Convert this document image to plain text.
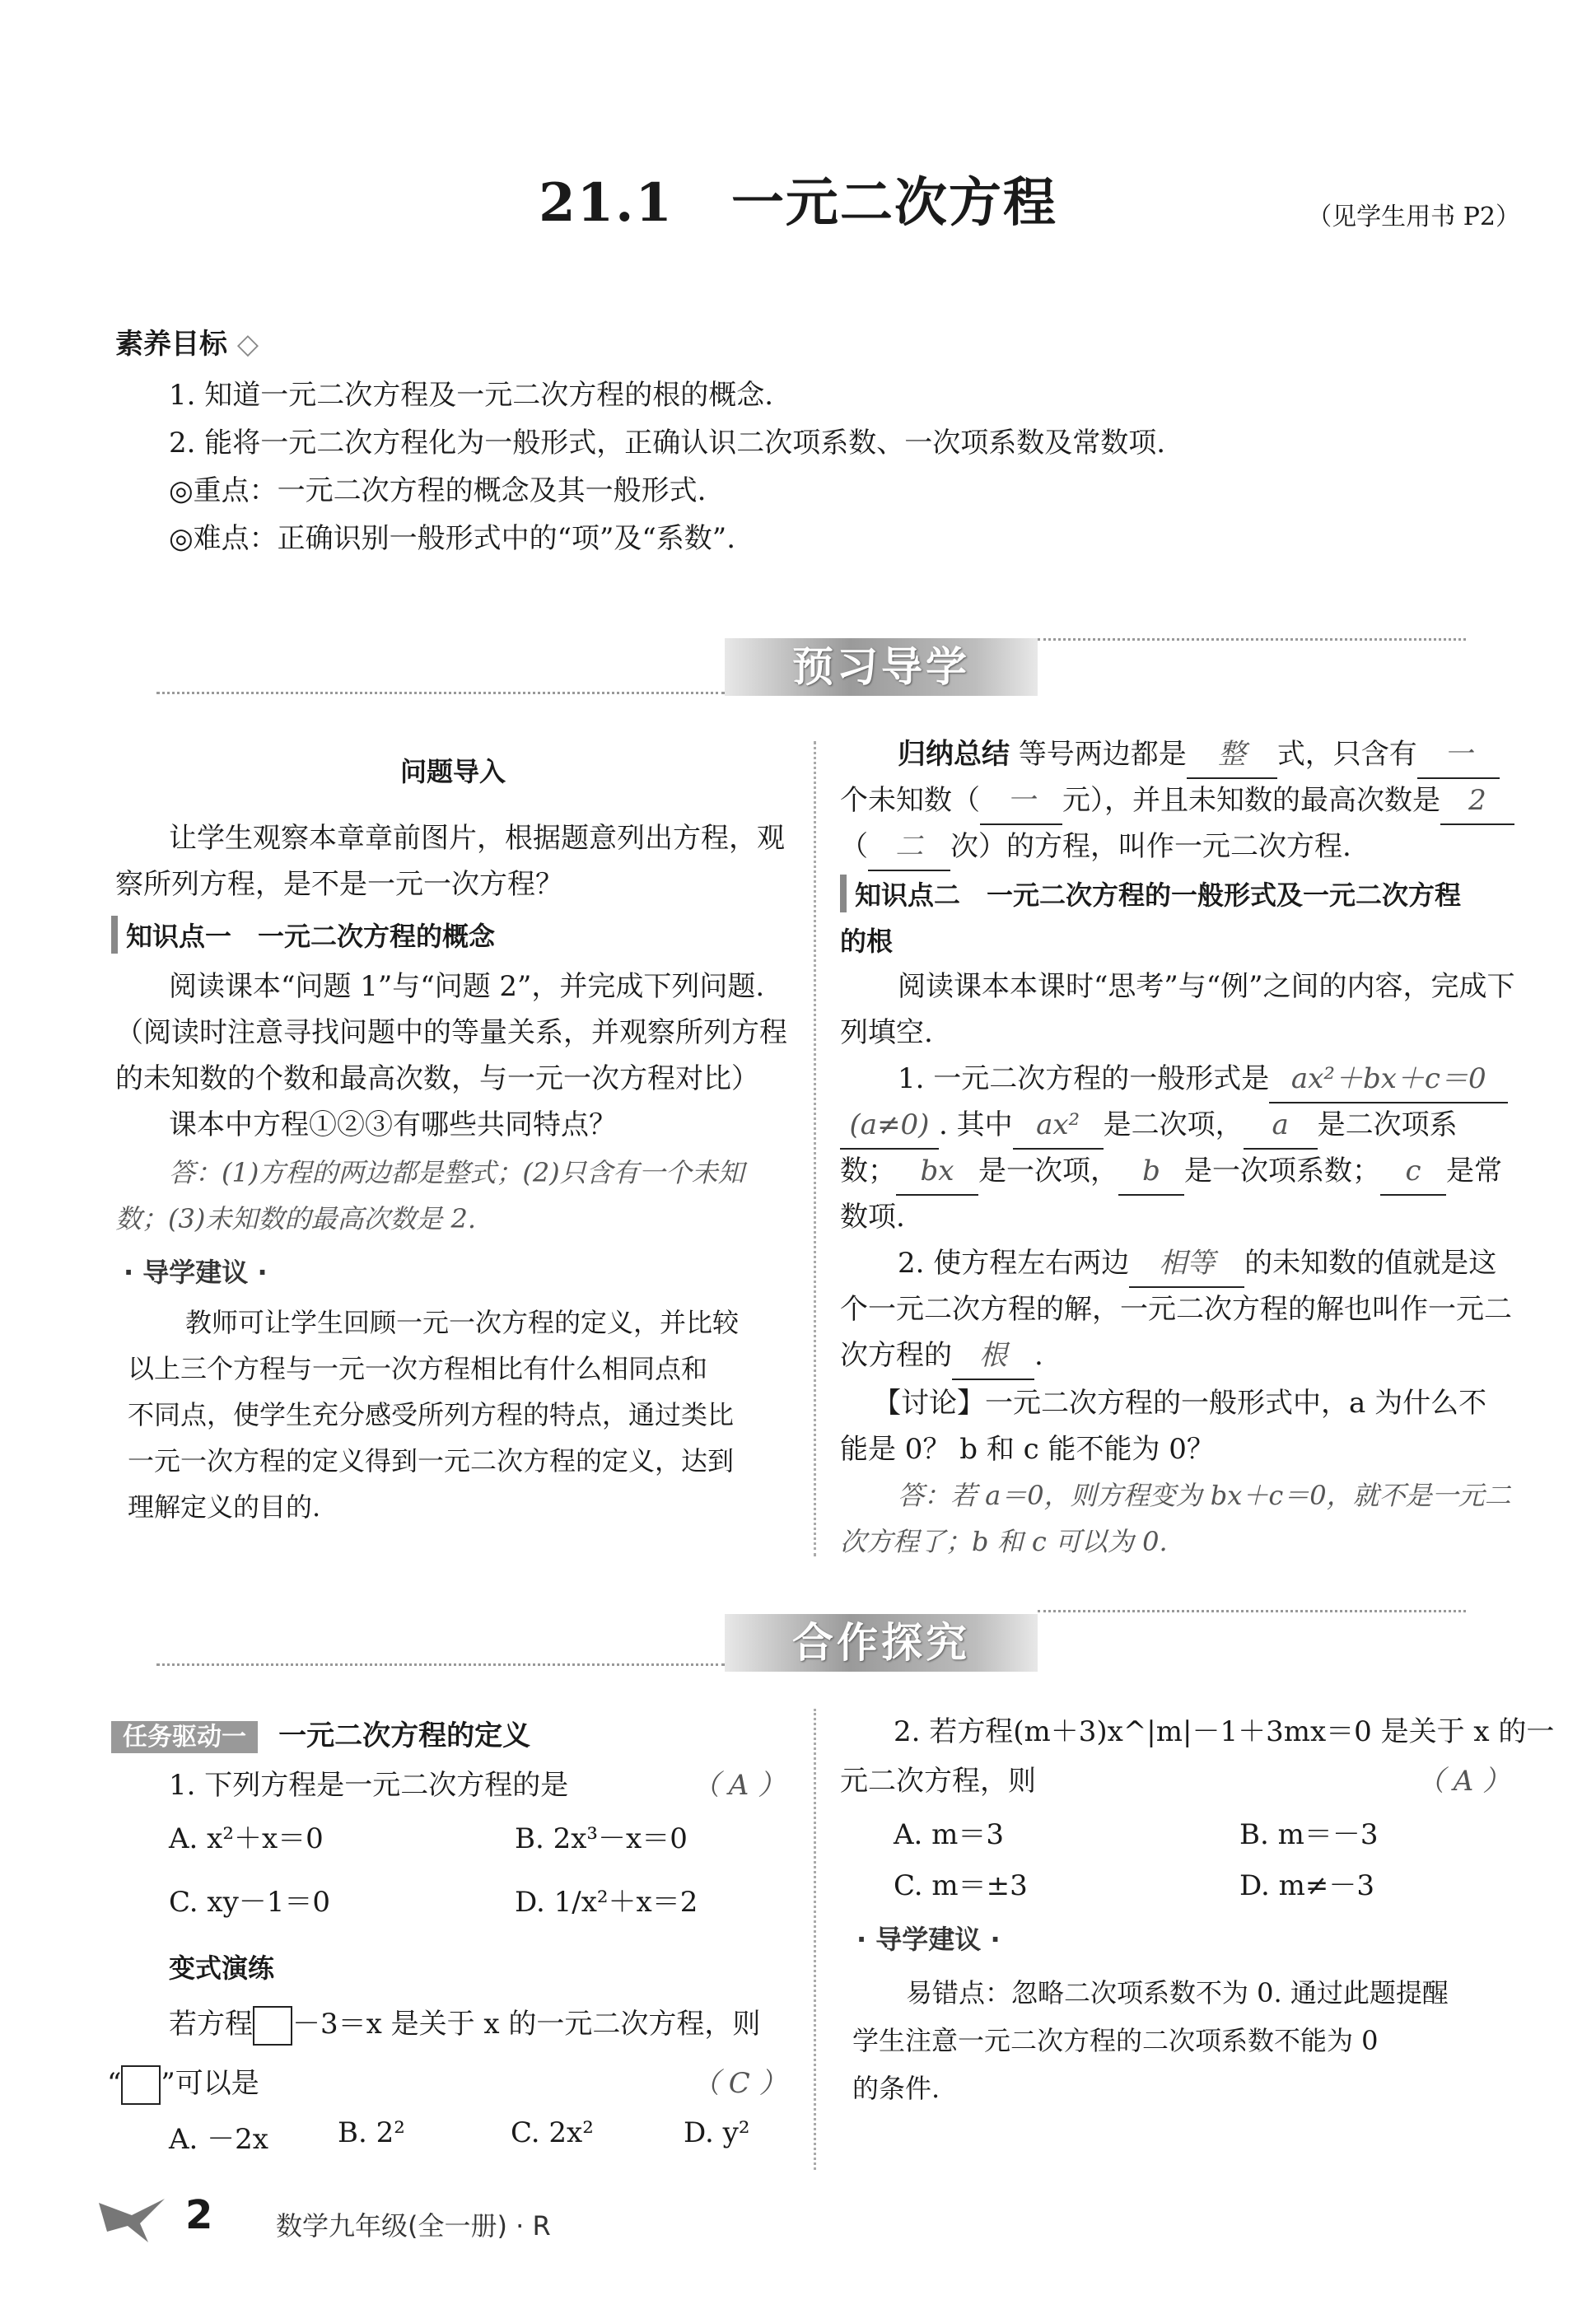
21.1 一元二次方程	（见学生用书 P2）
素养目标 ◇
1. 知道一元二次方程及一元二次方程的根的概念.
2. 能将一元二次方程化为一般形式，正确认识二次项系数、一次项系数及常数项.
◎重点：一元二次方程的概念及其一般形式.
◎难点：正确识别一般形式中的“项”及“系数”.
预习导学
问题导入
让学生观察本章章前图片，根据题意列出方程，观
察所列方程，是不是一元一次方程？
知识点一　一元二次方程的概念
阅读课本“问题 1”与“问题 2”，并完成下列问题.
（阅读时注意寻找问题中的等量关系，并观察所列方程
的未知数的个数和最高次数，与一元一次方程对比）
课本中方程①②③有哪些共同特点？
答：(1)方程的两边都是整式；(2)只含有一个未知
数；(3)未知数的最高次数是 2.
· 导学建议 ·
教师可让学生回顾一元一次方程的定义，并比较
以上三个方程与一元一次方程相比有什么相同点和
不同点，使学生充分感受所列方程的特点，通过类比
一元一次方程的定义得到一元二次方程的定义，达到
理解定义的目的.
归纳总结 等号两边都是 整 式，只含有 一
个未知数（ 一 元），并且未知数的最高次数是 2
（ 二 次）的方程，叫作一元二次方程.
知识点二　一元二次方程的一般形式及一元二次方程
的根
阅读课本本课时“思考”与“例”之间的内容，完成下
列填空.
1. 一元二次方程的一般形式是 ax²＋bx＋c＝0
(a≠0) . 其中 ax² 是二次项， a 是二次项系
数； bx 是一次项， b 是一次项系数； c 是常
数项.
2. 使方程左右两边 相等 的未知数的值就是这
个一元二次方程的解，一元二次方程的解也叫作一元二
次方程的 根 .
【讨论】一元二次方程的一般形式中，a 为什么不
能是 0？ b 和 c 能不能为 0？
答：若 a＝0，则方程变为 bx＋c＝0，就不是一元二
次方程了；b 和 c 可以为 0.
合作探究
任务驱动一 一元二次方程的定义
1. 下列方程是一元二次方程的是	（ A ）
A. x²＋x＝0	B. 2x³－x＝0
C. xy－1＝0	D. 1/x²＋x＝2
变式演练
若方程 －3＝x 是关于 x 的一元二次方程，则
“ ”可以是	（ C ）
A. －2x B. 2²	C. 2x²	D. y²
2. 若方程(m＋3)x^|m|－1＋3mx＝0 是关于 x 的一
元二次方程，则	（ A ）
A. m＝3	B. m＝－3
C. m＝±3	D. m≠－3
· 导学建议 ·
易错点：忽略二次项系数不为 0. 通过此题提醒
学生注意一元二次方程的二次项系数不能为 0
的条件.
2 数学九年级(全一册) · R
